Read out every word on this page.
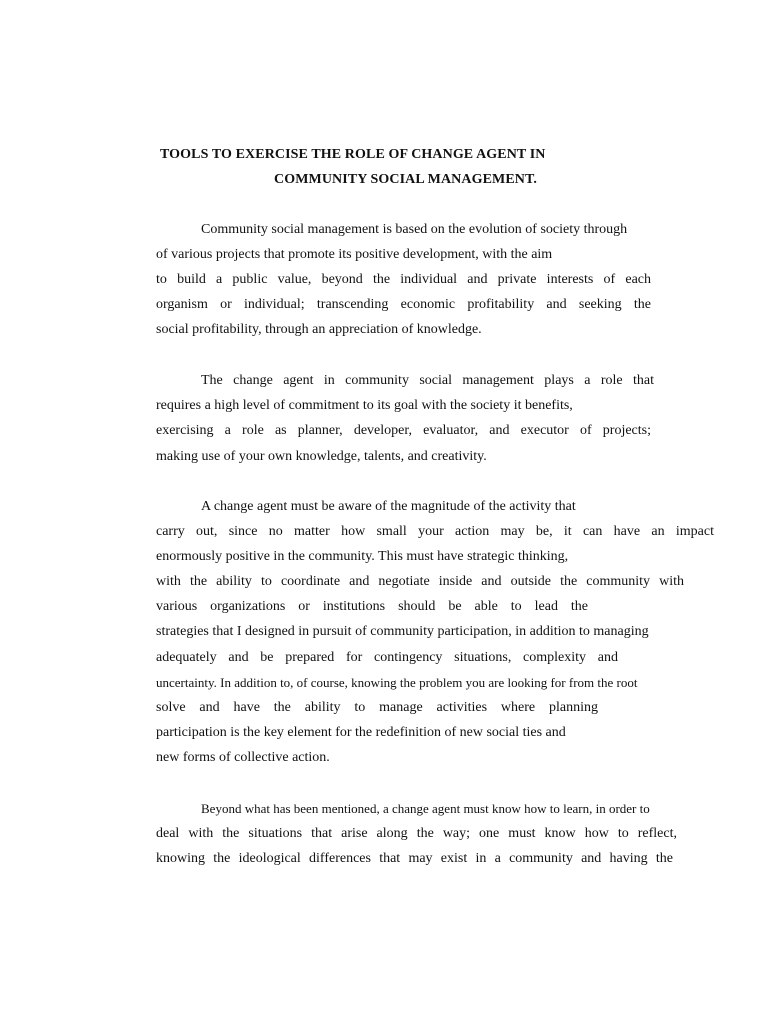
TOOLS TO EXERCISE THE ROLE OF CHANGE AGENT IN
COMMUNITY SOCIAL MANAGEMENT.
Community social management is based on the evolution of society through
of various projects that promote its positive development, with the aim
to build a public value, beyond the individual and private interests of each
organism or individual; transcending economic profitability and seeking the
social profitability, through an appreciation of knowledge.
The change agent in community social management plays a role that
requires a high level of commitment to its goal with the society it benefits,
exercising a role as planner, developer, evaluator, and executor of projects;
making use of your own knowledge, talents, and creativity.
A change agent must be aware of the magnitude of the activity that
carry out, since no matter how small your action may be, it can have an impact
enormously positive in the community. This must have strategic thinking,
with the ability to coordinate and negotiate inside and outside the community with
various organizations or institutions should be able to lead the
strategies that I designed in pursuit of community participation, in addition to managing
adequately and be prepared for contingency situations, complexity and
uncertainty. In addition to, of course, knowing the problem you are looking for from the root
solve and have the ability to manage activities where planning
participation is the key element for the redefinition of new social ties and
new forms of collective action.
Beyond what has been mentioned, a change agent must know how to learn, in order to
deal with the situations that arise along the way; one must know how to reflect,
knowing the ideological differences that may exist in a community and having the
